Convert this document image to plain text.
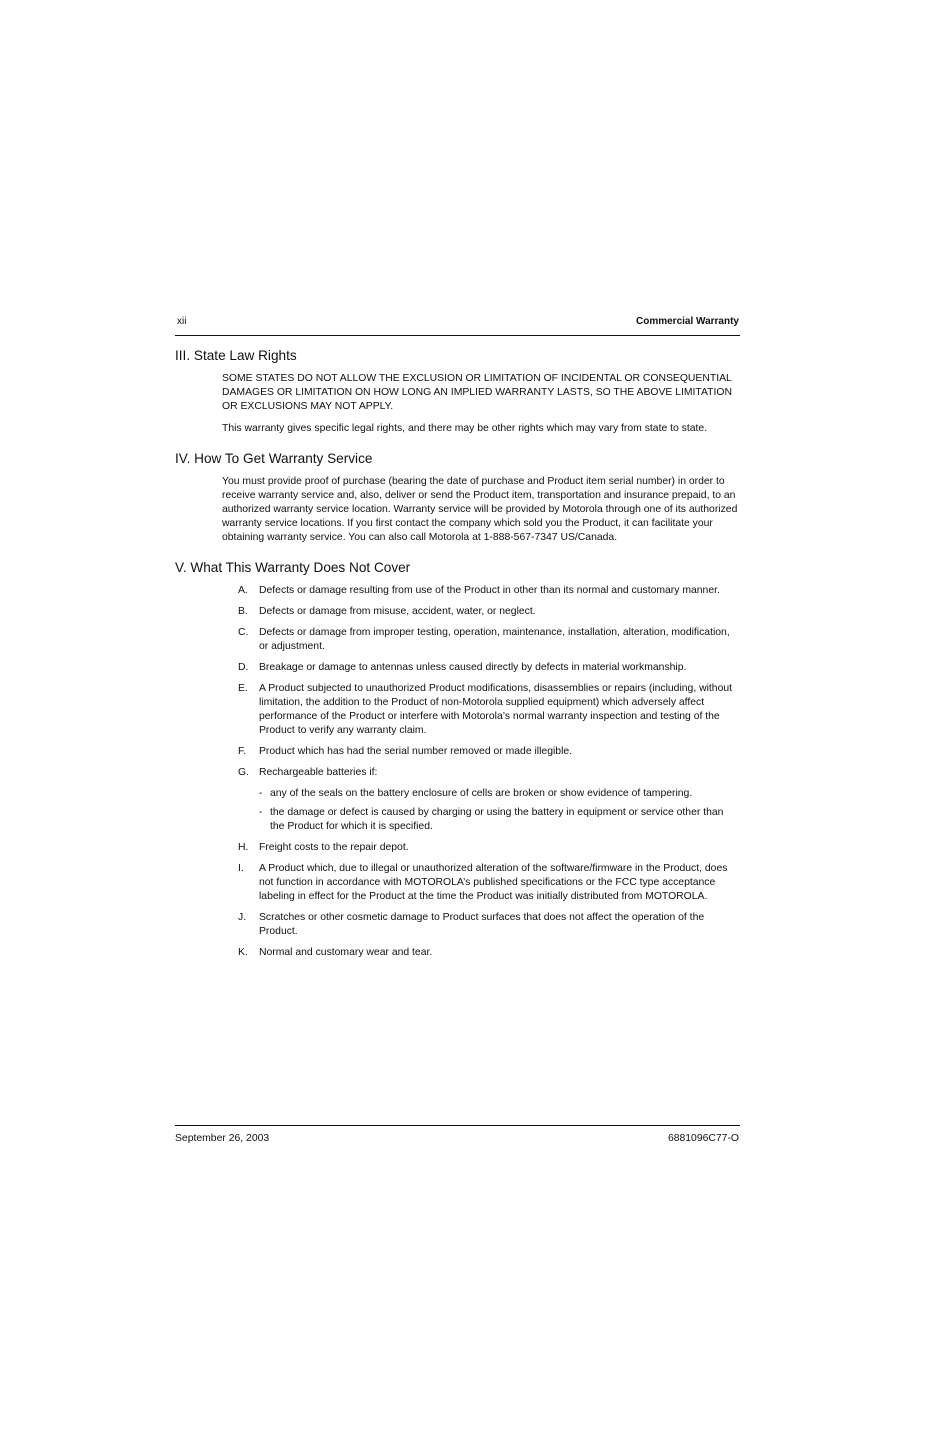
xii	Commercial Warranty
III. State Law Rights

SOME STATES DO NOT ALLOW THE EXCLUSION OR LIMITATION OF INCIDENTAL OR CONSEQUENTIAL DAMAGES OR LIMITATION ON HOW LONG AN IMPLIED WARRANTY LASTS, SO THE ABOVE LIMITATION OR EXCLUSIONS MAY NOT APPLY.

This warranty gives specific legal rights, and there may be other rights which may vary from state to state.

IV. How To Get Warranty Service

You must provide proof of purchase (bearing the date of purchase and Product item serial number) in order to receive warranty service and, also, deliver or send the Product item, transportation and insurance prepaid, to an authorized warranty service location. Warranty service will be provided by Motorola through one of its authorized warranty service locations. If you first contact the company which sold you the Product, it can facilitate your obtaining warranty service. You can also call Motorola at 1-888-567-7347 US/Canada.

V. What This Warranty Does Not Cover
A. Defects or damage resulting from use of the Product in other than its normal and customary manner.
B. Defects or damage from misuse, accident, water, or neglect.
C. Defects or damage from improper testing, operation, maintenance, installation, alteration, modification, or adjustment.
D. Breakage or damage to antennas unless caused directly by defects in material workmanship.
E. A Product subjected to unauthorized Product modifications, disassemblies or repairs (including, without limitation, the addition to the Product of non-Motorola supplied equipment) which adversely affect performance of the Product or interfere with Motorola’s normal warranty inspection and testing of the Product to verify any warranty claim.
F. Product which has had the serial number removed or made illegible.
G. Rechargeable batteries if:
- any of the seals on the battery enclosure of cells are broken or show evidence of tampering.
- the damage or defect is caused by charging or using the battery in equipment or service other than the Product for which it is specified.
H. Freight costs to the repair depot.
I. A Product which, due to illegal or unauthorized alteration of the software/firmware in the Product, does not function in accordance with MOTOROLA’s published specifications or the FCC type acceptance labeling in effect for the Product at the time the Product was initially distributed from MOTOROLA.
J. Scratches or other cosmetic damage to Product surfaces that does not affect the operation of the Product.
K. Normal and customary wear and tear.
September 26, 2003	6881096C77-O
